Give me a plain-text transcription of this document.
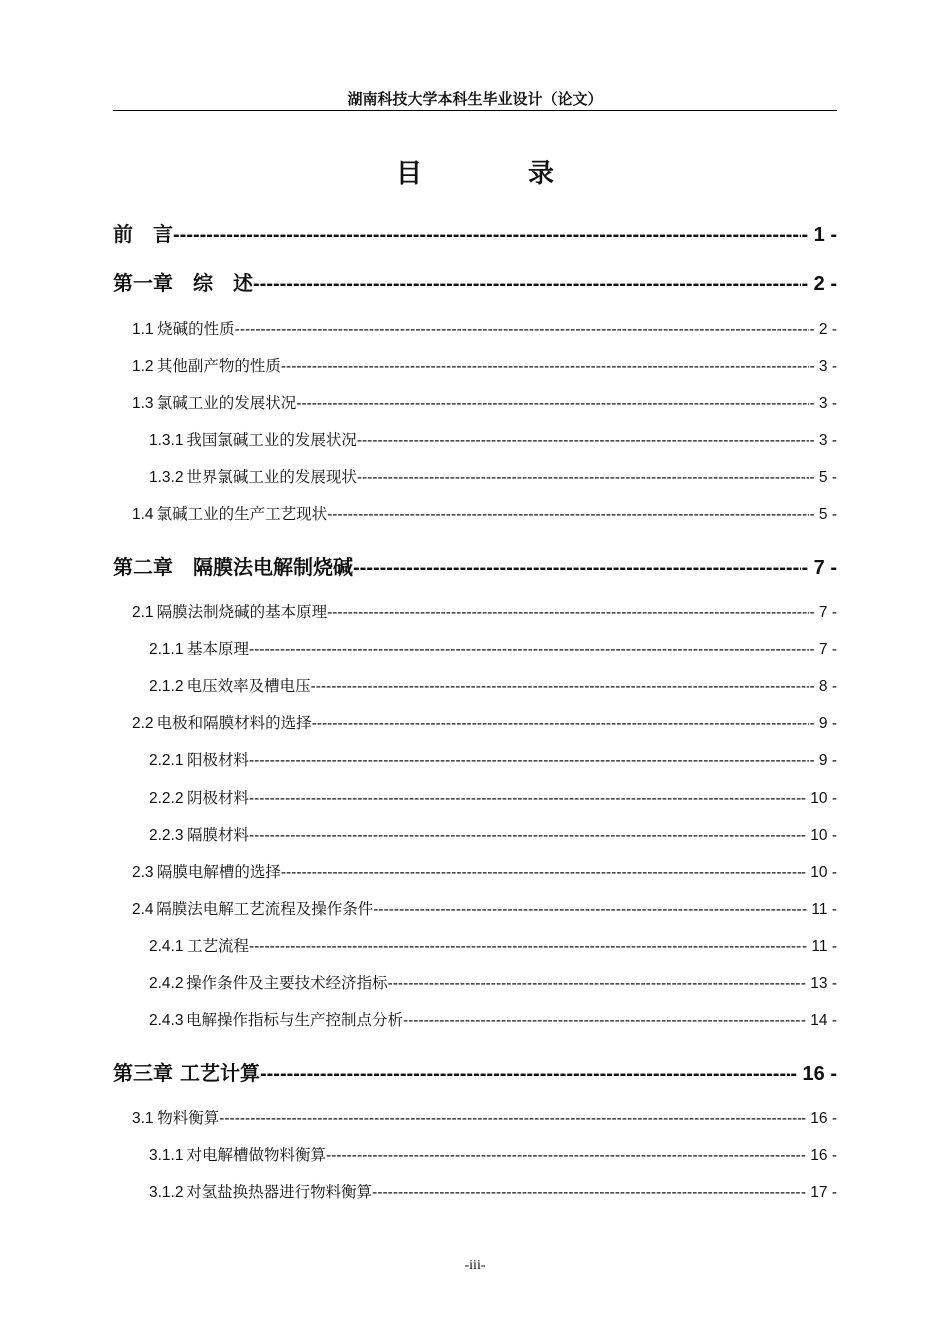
湖南科技大学本科生毕业设计（论文）
目　录
前　言 -----	- 1 -
第一章　综　述 -----	- 2 -
1.1 烧碱的性质 -----	- 2 -
1.2 其他副产物的性质 -----	- 3 -
1.3 氯碱工业的发展状况 -----	- 3 -
1.3.1 我国氯碱工业的发展状况 -----	- 3 -
1.3.2 世界氯碱工业的发展现状 -----	- 5 -
1.4 氯碱工业的生产工艺现状 -----	- 5 -
第二章　隔膜法电解制烧碱 -----	- 7 -
2.1 隔膜法制烧碱的基本原理 -----	- 7 -
2.1.1 基本原理 -----	- 7 -
2.1.2 电压效率及槽电压 -----	- 8 -
2.2 电极和隔膜材料的选择 -----	- 9 -
2.2.1 阳极材料 -----	- 9 -
2.2.2 阴极材料 -----	- 10 -
2.2.3 隔膜材料 -----	- 10 -
2.3 隔膜电解槽的选择 -----	- 10 -
2.4 隔膜法电解工艺流程及操作条件 -----	- 11 -
2.4.1 工艺流程 -----	- 11 -
2.4.2 操作条件及主要技术经济指标 -----	- 13 -
2.4.3 电解操作指标与生产控制点分析 -----	- 14 -
第三章 工艺计算 -----	- 16 -
3.1 物料衡算 -----	- 16 -
3.1.1 对电解槽做物料衡算 -----	- 16 -
3.1.2 对氢盐换热器进行物料衡算 -----	- 17 -
-iii-
